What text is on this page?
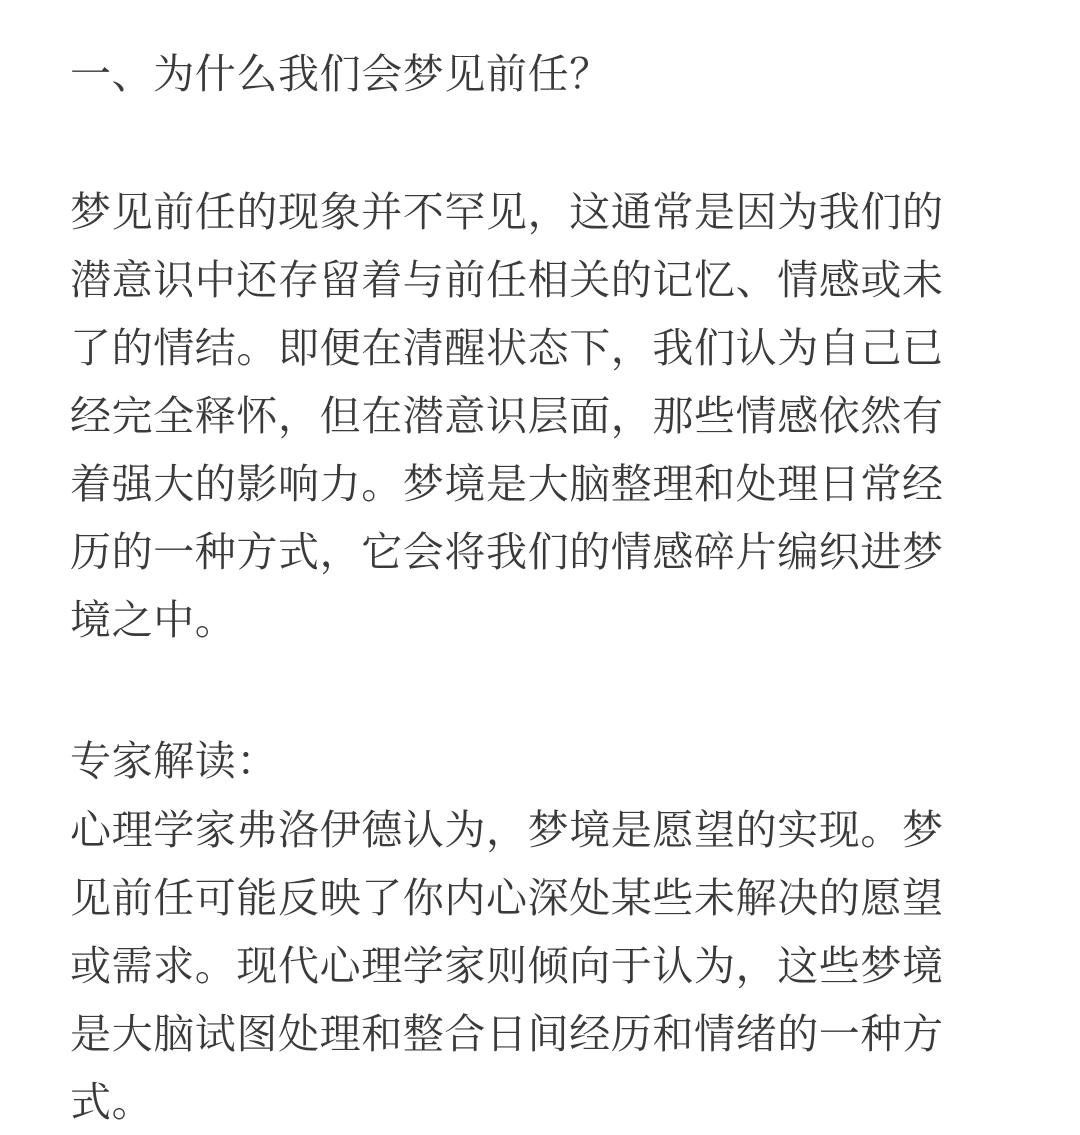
一、为什么我们会梦见前任？
梦见前任的现象并不罕见，这通常是因为我们的
潜意识中还存留着与前任相关的记忆、情感或未
了的情结。即便在清醒状态下，我们认为自己已
经完全释怀，但在潜意识层面，那些情感依然有
着强大的影响力。梦境是大脑整理和处理日常经
历的一种方式，它会将我们的情感碎片编织进梦
境之中。
专家解读：
心理学家弗洛伊德认为，梦境是愿望的实现。梦
见前任可能反映了你内心深处某些未解决的愿望
或需求。现代心理学家则倾向于认为，这些梦境
是大脑试图处理和整合日间经历和情绪的一种方
式。
